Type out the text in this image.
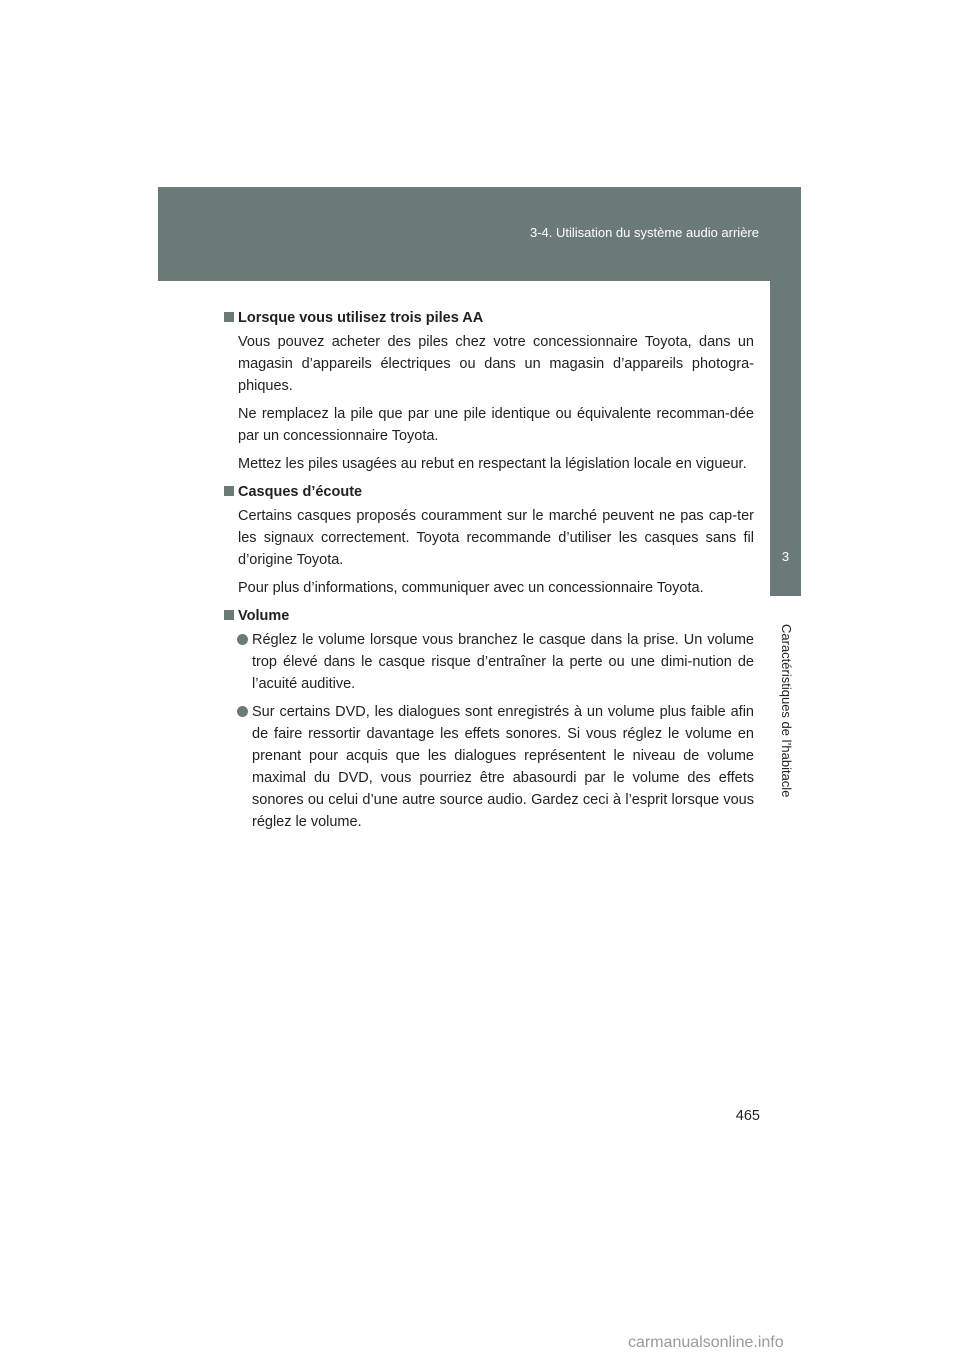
3-4. Utilisation du système audio arrière
3
Caractéristiques de l’habitacle
Lorsque vous utilisez trois piles AA

Vous pouvez acheter des piles chez votre concessionnaire Toyota, dans un magasin d’appareils électriques ou dans un magasin d’appareils photogra-phiques.

Ne remplacez la pile que par une pile identique ou équivalente recomman-dée par un concessionnaire Toyota.

Mettez les piles usagées au rebut en respectant la législation locale en vigueur.

Casques d’écoute

Certains casques proposés couramment sur le marché peuvent ne pas cap-ter les signaux correctement. Toyota recommande d’utiliser les casques sans fil d’origine Toyota.

Pour plus d’informations, communiquer avec un concessionnaire Toyota.

Volume
Réglez le volume lorsque vous branchez le casque dans la prise. Un volume trop élevé dans le casque risque d’entraîner la perte ou une dimi-nution de l’acuité auditive.
Sur certains DVD, les dialogues sont enregistrés à un volume plus faible afin de faire ressortir davantage les effets sonores. Si vous réglez le volume en prenant pour acquis que les dialogues représentent le niveau de volume maximal du DVD, vous pourriez être abasourdi par le volume des effets sonores ou celui d’une autre source audio. Gardez ceci à l’esprit lorsque vous réglez le volume.
465
carmanualsonline.info
